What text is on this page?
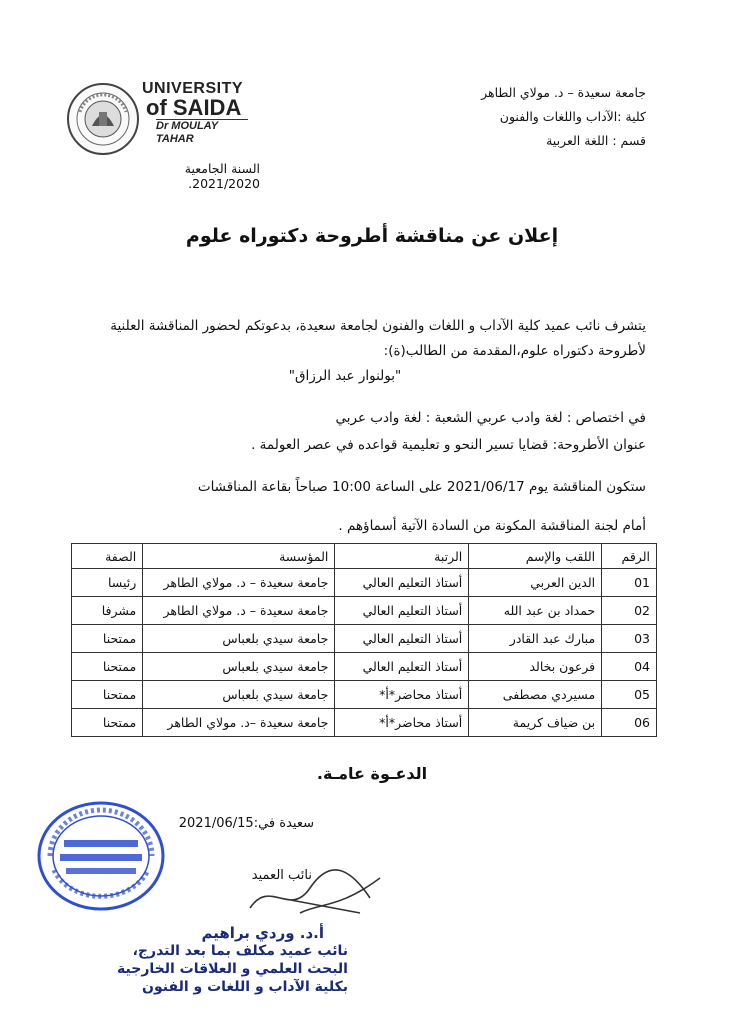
جامعة سعيدة – د. مولاي الطاهر
كلية :الآداب واللغات والفنون
قسم : اللغة العربية
UNIVERSITY
of SAIDA
Dr MOULAY TAHAR
السنة الجامعية 2021/2020.
إعلان عن مناقشة أطروحة دكتوراه علوم
يتشرف نائب عميد كلية الآداب و اللغات والفنون لجامعة سعيدة، بدعوتكم لحضور المناقشة العلنية
لأطروحة دكتوراه علوم،المقدمة من الطالب(ة):
"بولنوار عبد الرزاق"
في اختصاص : لغة وادب عربي الشعبة : لغة وادب عربي
عنوان الأطروحة: قضايا تسير النحو و تعليمية قواعده في عصر العولمة .
ستكون المناقشة يوم 2021/06/17 على الساعة 10:00 صباحاً بقاعة المناقشات
أمام لجنة المناقشة المكونة من السادة الآتية أسماؤهم .
الرقم	اللقب والإسم	الرتبة	المؤسسة	الصفة
01	الدين العربي	أستاذ التعليم العالي	جامعة سعيدة – د. مولاي الطاهر	رئيسا
02	حمداد بن عبد الله	أستاذ التعليم العالي	جامعة سعيدة – د. مولاي الطاهر	مشرفا
03	مبارك عبد القادر	أستاذ التعليم العالي	جامعة سيدي بلعباس	ممتحنا
04	فرعون بخالد	أستاذ التعليم العالي	جامعة سيدي بلعباس	ممتحنا
05	مسيردي مصطفى	أستاذ محاضر*أ*	جامعة سيدي بلعباس	ممتحنا
06	بن ضياف كريمة	أستاذ محاضر*أ*	جامعة سعيدة –د. مولاي الطاهر	ممتحنا
الدعـوة عامـة.
سعيدة في:2021/06/15
نائب العميد
أ.د. وردي براهيم
نائب عميد مكلف بما بعد التدرج،
البحث العلمي و العلاقات الخارجية
بكلية الآداب و اللغات و الفنون
